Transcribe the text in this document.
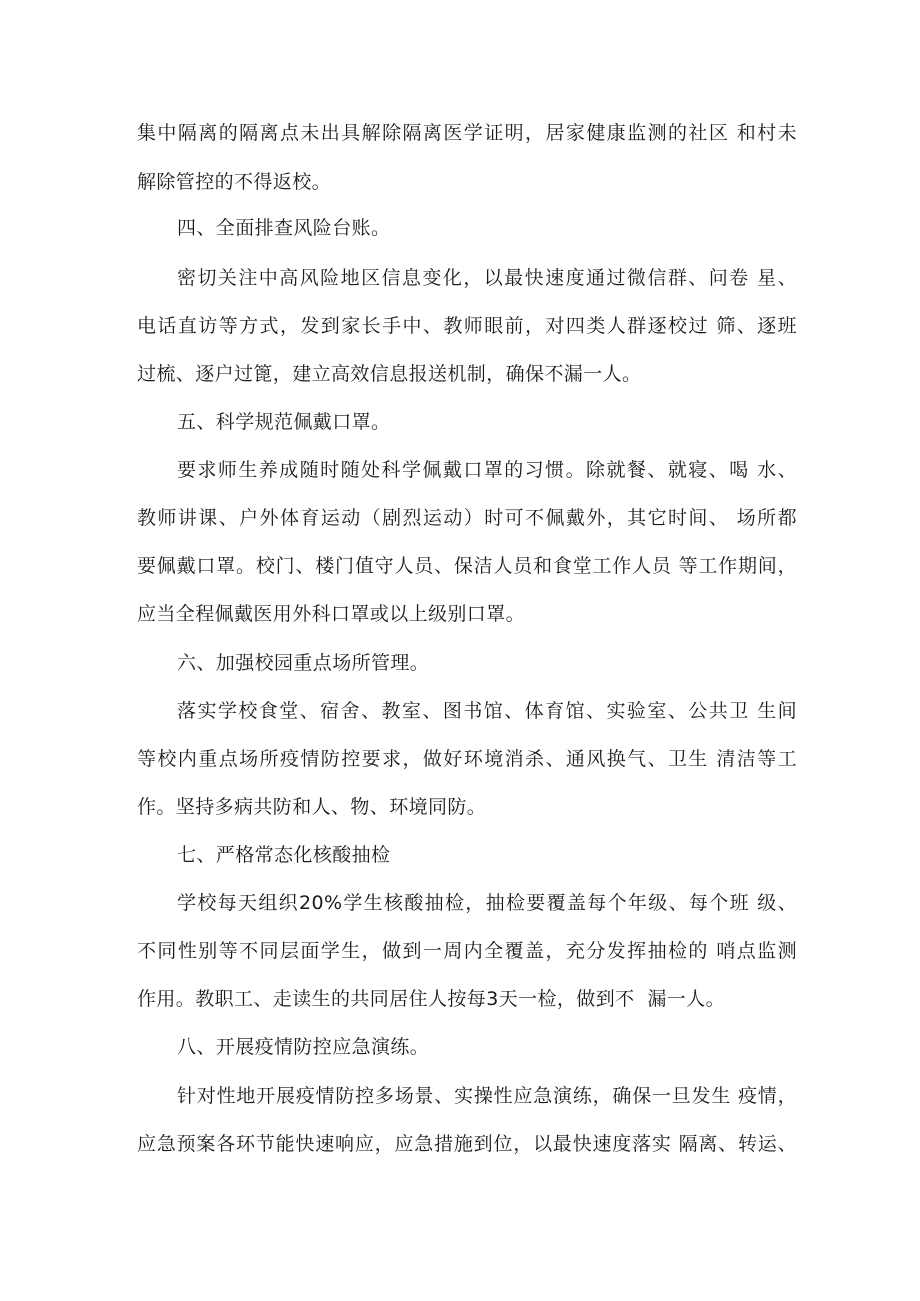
集中隔离的隔离点未出具解除隔离医学证明，居家健康监测的社区 和村未
解除管控的不得返校。
四、全面排查风险台账。
密切关注中高风险地区信息变化，以最快速度通过微信群、问卷 星、
电话直访等方式，发到家长手中、教师眼前，对四类人群逐校过 筛、逐班
过梳、逐户过篦，建立高效信息报送机制，确保不漏一人。
五、科学规范佩戴口罩。
要求师生养成随时随处科学佩戴口罩的习惯。除就餐、就寝、喝 水、
教师讲课、户外体育运动（剧烈运动）时可不佩戴外，其它时间、 场所都
要佩戴口罩。校门、楼门值守人员、保洁人员和食堂工作人员 等工作期间，
应当全程佩戴医用外科口罩或以上级别口罩。
六、加强校园重点场所管理。
落实学校食堂、宿舍、教室、图书馆、体育馆、实验室、公共卫 生间
等校内重点场所疫情防控要求，做好环境消杀、通风换气、卫生 清洁等工
作。坚持多病共防和人、物、环境同防。
七、严格常态化核酸抽检
学校每天组织20%学生核酸抽检，抽检要覆盖每个年级、每个班 级、
不同性别等不同层面学生，做到一周内全覆盖，充分发挥抽检的 哨点监测
作用。教职工、走读生的共同居住人按每3天一检，做到不  漏一人。
八、开展疫情防控应急演练。
针对性地开展疫情防控多场景、实操性应急演练，确保一旦发生 疫情，
应急预案各环节能快速响应，应急措施到位，以最快速度落实 隔离、转运、
